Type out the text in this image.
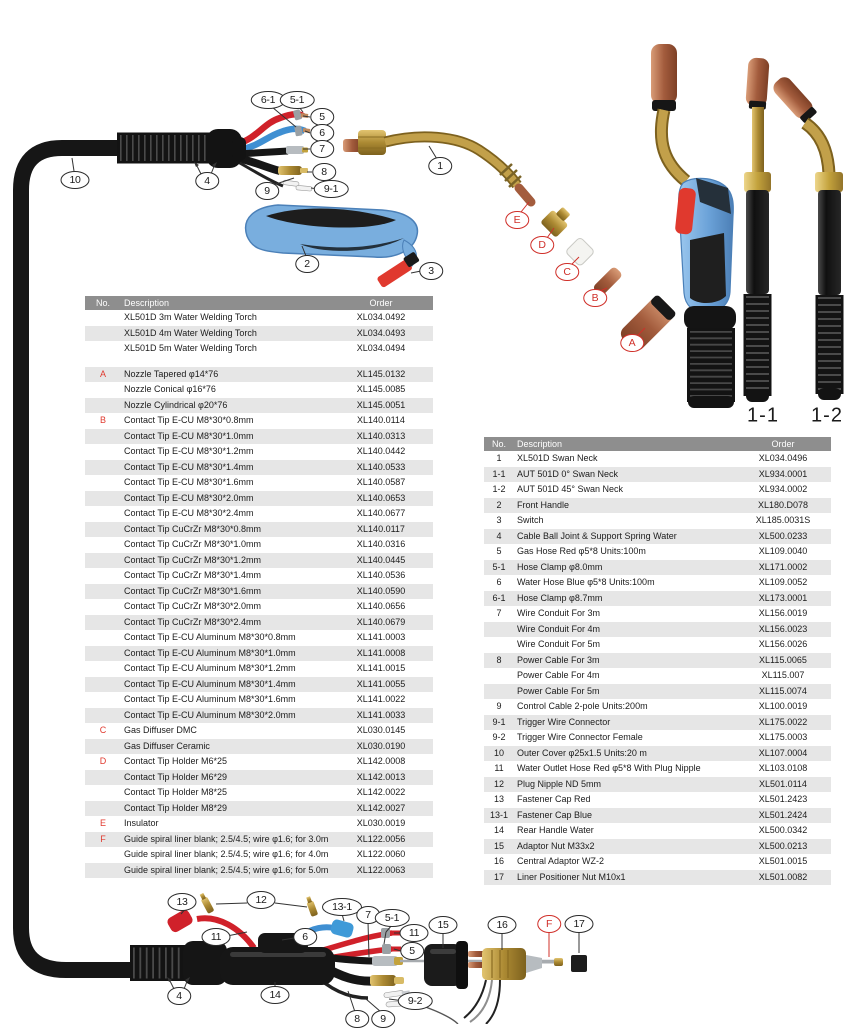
No.	Description	Order
XL501D 3m Water Welding Torch	XL034.0492
XL501D 4m Water Welding Torch	XL034.0493
XL501D 5m Water Welding Torch	XL034.0494
A	Nozzle Tapered φ14*76	XL145.0132
Nozzle Conical φ16*76	XL145.0085
Nozzle Cylindrical φ20*76	XL145.0051
B	Contact Tip E-CU M8*30*0.8mm	XL140.0114
Contact Tip E-CU M8*30*1.0mm	XL140.0313
Contact Tip E-CU M8*30*1.2mm	XL140.0442
Contact Tip E-CU M8*30*1.4mm	XL140.0533
Contact Tip E-CU M8*30*1.6mm	XL140.0587
Contact Tip E-CU M8*30*2.0mm	XL140.0653
Contact Tip E-CU M8*30*2.4mm	XL140.0677
Contact Tip CuCrZr M8*30*0.8mm	XL140.0117
Contact Tip CuCrZr M8*30*1.0mm	XL140.0316
Contact Tip CuCrZr M8*30*1.2mm	XL140.0445
Contact Tip CuCrZr M8*30*1.4mm	XL140.0536
Contact Tip CuCrZr M8*30*1.6mm	XL140.0590
Contact Tip CuCrZr M8*30*2.0mm	XL140.0656
Contact Tip CuCrZr M8*30*2.4mm	XL140.0679
Contact Tip E-CU Aluminum M8*30*0.8mm	XL141.0003
Contact Tip E-CU Aluminum M8*30*1.0mm	XL141.0008
Contact Tip E-CU Aluminum M8*30*1.2mm	XL141.0015
Contact Tip E-CU Aluminum M8*30*1.4mm	XL141.0055
Contact Tip E-CU Aluminum M8*30*1.6mm	XL141.0022
Contact Tip E-CU Aluminum M8*30*2.0mm	XL141.0033
C	Gas Diffuser DMC	XL030.0145
Gas Diffuser Ceramic	XL030.0190
D	Contact Tip Holder M6*25	XL142.0008
Contact Tip Holder M6*29	XL142.0013
Contact Tip Holder M8*25	XL142.0022
Contact Tip Holder M8*29	XL142.0027
E	Insulator	XL030.0019
F	Guide spiral liner blank; 2.5/4.5; wire φ1.6; for 3.0m	XL122.0056
Guide spiral liner blank; 2.5/4.5; wire φ1.6; for 4.0m	XL122.0060
Guide spiral liner blank; 2.5/4.5; wire φ1.6; for 5.0m	XL122.0063
No.	Description	Order
1	XL501D Swan Neck	XL034.0496
1-1	AUT 501D 0° Swan Neck	XL934.0001
1-2	AUT 501D 45° Swan Neck	XL934.0002
2	Front Handle	XL180.D078
3	Switch	XL185.0031S
4	Cable Ball Joint & Support Spring Water	XL500.0233
5	Gas Hose Red φ5*8 Units:100m	XL109.0040
5-1	Hose Clamp φ8.0mm	XL171.0002
6	Water Hose Blue φ5*8 Units:100m	XL109.0052
6-1	Hose Clamp φ8.7mm	XL173.0001
7	Wire Conduit For 3m	XL156.0019
Wire Conduit For 4m	XL156.0023
Wire Conduit For 5m	XL156.0026
8	Power Cable For 3m	XL115.0065
Power Cable For 4m	XL115.007
Power Cable For 5m	XL115.0074
9	Control Cable 2-pole Units:200m	XL100.0019
9-1	Trigger Wire Connector	XL175.0022
9-2	Trigger Wire Connector Female	XL175.0003
10	Outer Cover φ25x1.5 Units:20 m	XL107.0004
11	Water Outlet Hose Red φ5*8 With Plug Nipple	XL103.0108
12	Plug Nipple ND 5mm	XL501.0114
13	Fastener Cap Red	XL501.2423
13-1	Fastener Cap Blue	XL501.2424
14	Rear Handle Water	XL500.0342
15	Adaptor Nut M33x2	XL500.0213
16	Central Adaptor WZ-2	XL501.0015
17	Liner Positioner Nut M10x1	XL501.0082
6-1	5-1
5
6
7
8
9-1
9
4
10
1
2
3
E
D
C
B
A
13	12
13-1
7	5-1
11
15
5
11	6
4	14	9-2
8	9
16	F	17
1-1 1-2
